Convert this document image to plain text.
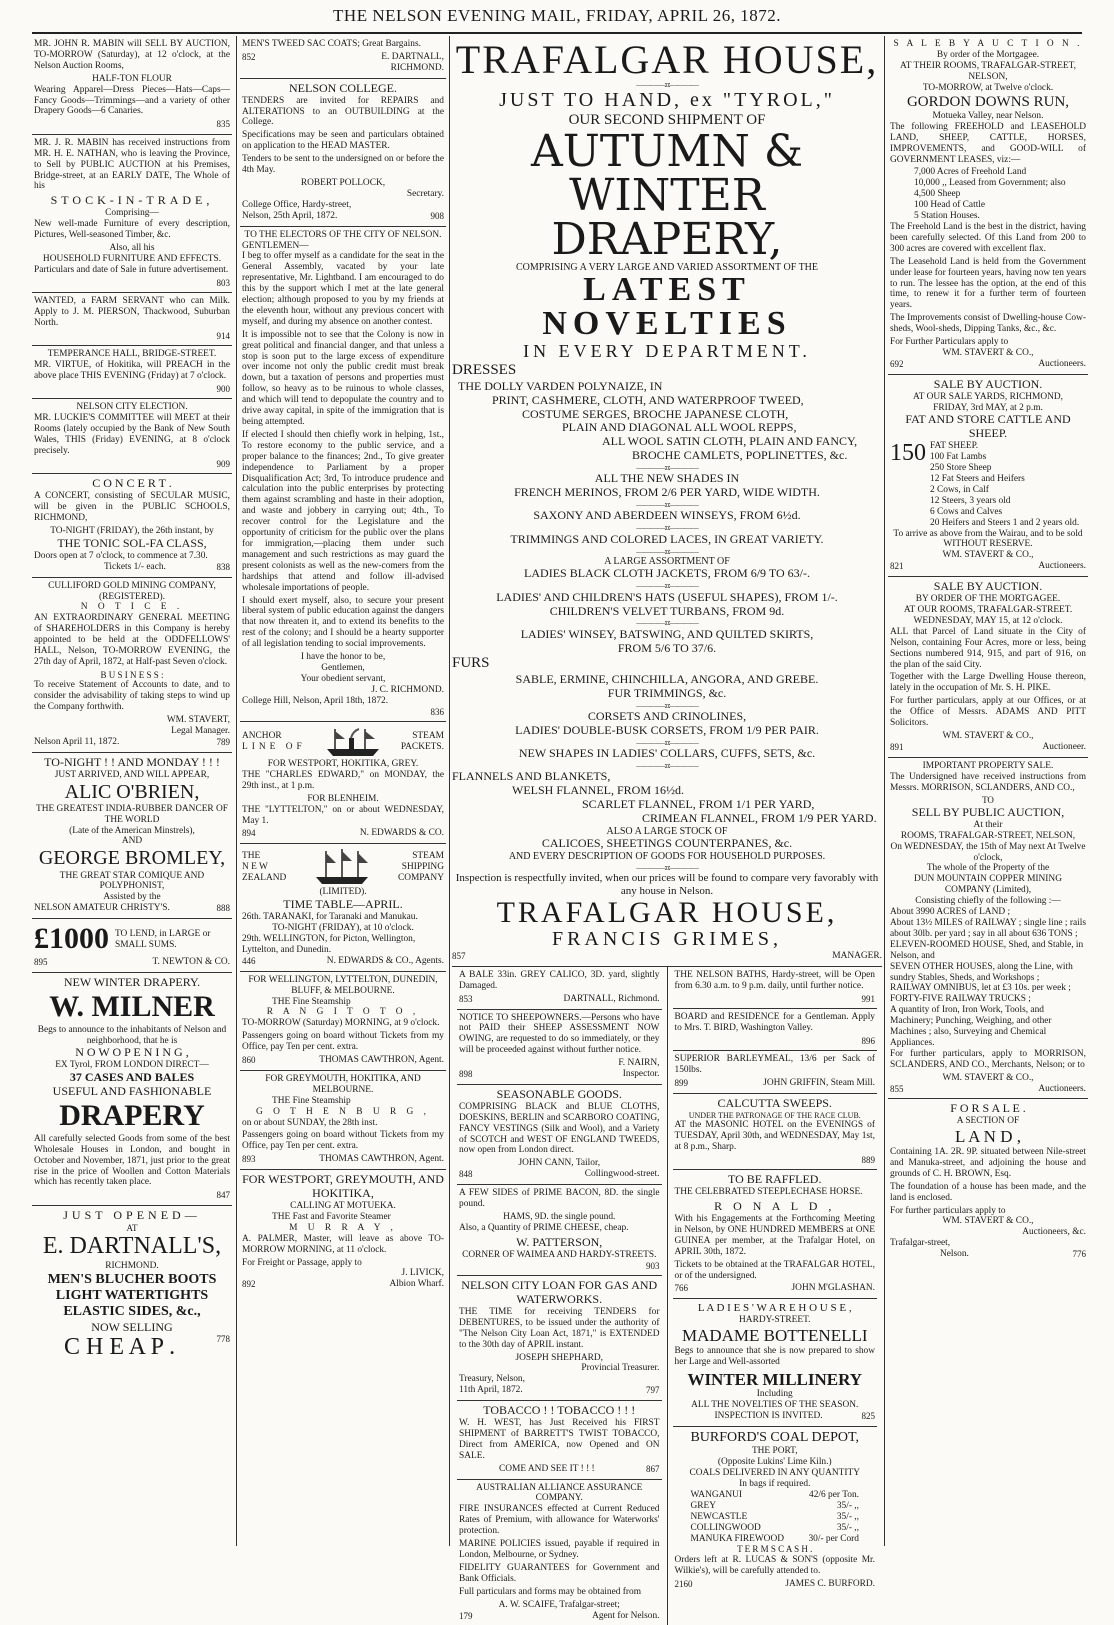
THE NELSON EVENING MAIL, FRIDAY, APRIL 26, 1872.

MR. JOHN R. MABIN will SELL BY AUCTION, TO-MORROW (Saturday), at 12 o'clock, at the Nelson Auction Rooms,

HALF-TON FLOUR

Wearing Apparel—Dress Pieces—Hats—Caps—Fancy Goods—Trimmings—and a variety of other Drapery Goods—6 Canaries.

835

MR. J. R. MABIN has received instructions from MR. H. E. NATHAN, who is leaving the Province, to Sell by PUBLIC AUCTION at his Premises, Bridge-street, at an EARLY DATE, The Whole of his

STOCK-IN-TRADE,
Comprising—

New well-made Furniture of every description, Pictures, Well-seasoned Timber, &c.

Also, all his
HOUSEHOLD FURNITURE AND EFFECTS.

Particulars and date of Sale in future advertisement.

803

WANTED, a FARM SERVANT who can Milk. Apply to J. M. PIERSON, Thackwood, Suburban North.

914
TEMPERANCE HALL, BRIDGE-STREET.

MR. VIRTUE, of Hokitika, will PREACH in the above place THIS EVENING (Friday) at 7 o'clock.

900
NELSON CITY ELECTION.

MR. LUCKIE'S COMMITTEE will MEET at their Rooms (lately occupied by the Bank of New South Wales, THIS (Friday) EVENING, at 8 o'clock precisely.

909
C O N C E R T .

A CONCERT, consisting of SECULAR MUSIC, will be given in the PUBLIC SCHOOLS, RICHMOND,

TO-NIGHT (FRIDAY), the 26th instant, by
THE TONIC SOL-FA CLASS,
Doors open at 7 o'clock, to commence at 7.30.
Tickets 1/- each.	838
CULLIFORD GOLD MINING COMPANY,
(REGISTERED).
N O T I C E .

AN EXTRAORDINARY GENERAL MEETING of SHAREHOLDERS in this Company is hereby appointed to be held at the ODDFELLOWS' HALL, Nelson, TO-MORROW EVENING, the 27th day of April, 1872, at Half-past Seven o'clock.

B U S I N E S S :

To receive Statement of Accounts to date, and to consider the advisability of taking steps to wind up the Company forthwith.

WM. STAVERT,
Legal Manager.
Nelson April 11, 1872.	789
TO-NIGHT ! ! AND MONDAY ! ! !
JUST ARRIVED, AND WILL APPEAR,
ALIC O'BRIEN,
THE GREATEST INDIA-RUBBER DANCER OF THE WORLD
(Late of the American Minstrels),
AND
GEORGE BROMLEY,
THE GREAT STAR COMIQUE AND POLYPHONIST,
Assisted by the
NELSON AMATEUR CHRISTY'S.	888
£1000 TO LEND, in LARGE or SMALL SUMS.
895	T. NEWTON & CO.
NEW WINTER DRAPERY.
W. MILNER
Begs to announce to the inhabitants of Nelson and neighborhood, that he is
N O W O P E N I N G ,
EX Tyrol, FROM LONDON DIRECT—
37 CASES AND BALES
USEFUL AND FASHIONABLE
DRAPERY

All carefully selected Goods from some of the best Wholesale Houses in London, and bought in October and November, 1871, just prior to the great rise in the price of Woollen and Cotton Materials which has recently taken place.

847
JUST OPENED—
AT
E. DARTNALL'S,
RICHMOND.
MEN'S BLUCHER BOOTS
LIGHT WATERTIGHTS
ELASTIC SIDES, &c.,
NOW SELLING
C H E A P .	778

MEN'S TWEED SAC COATS; Great Bargains.

852	E. DARTNALL,
RICHMOND.
NELSON COLLEGE.

TENDERS are invited for REPAIRS and ALTERATIONS to an OUTBUILDING at the College.

Specifications may be seen and particulars obtained on application to the HEAD MASTER.

Tenders to be sent to the undersigned on or before the 4th May.

ROBERT POLLOCK,
Secretary.
College Office, Hardy-street,
Nelson, 25th April, 1872.	908
TO THE ELECTORS OF THE CITY OF NELSON.
GENTLEMEN—

I beg to offer myself as a candidate for the seat in the General Assembly, vacated by your late representative, Mr. Lightband. I am encouraged to do this by the support which I met at the late general election; although proposed to you by my friends at the eleventh hour, without any previous concert with myself, and during my absence on another contest.

It is impossible not to see that the Colony is now in great political and financial danger, and that unless a stop is soon put to the large excess of expenditure over income not only the public credit must break down, but a taxation of persons and properties must follow, so heavy as to be ruinous to whole classes, and which will tend to depopulate the country and to drive away capital, in spite of the immigration that is being attempted.

If elected I should then chiefly work in helping, 1st., To restore economy to the public service, and a proper balance to the finances; 2nd., To give greater independence to Parliament by a proper Disqualification Act; 3rd, To introduce prudence and calculation into the public enterprises by protecting them against scrambling and haste in their adoption, and waste and jobbery in carrying out; 4th., To recover control for the Legislature and the opportunity of criticism for the public over the plans for immigration,—placing them under such management and such restrictions as may guard the present colonists as well as the new-comers from the hardships that attend and follow ill-advised wholesale importations of people.

I should exert myself, also, to secure your present liberal system of public education against the dangers that now threaten it, and to extend its benefits to the rest of the colony; and I should be a hearty supporter of all legislation tending to social improvements.

I have the honor to be,
Gentlemen,
Your obedient servant,
J. C. RICHMOND.
College Hill, Nelson, April 18th, 1872.
836
ANCHOR
LINE OF
STEAM
PACKETS.
FOR WESTPORT, HOKITIKA, GREY.

THE "CHARLES EDWARD," on MONDAY, the 29th inst., at 1 p.m.

FOR BLENHEIM.

THE "LYTTELTON," on or about WEDNESDAY, May 1.

894	N. EDWARDS & CO.
THE
N E W
ZEALAND
STEAM
SHIPPING
COMPANY
(LIMITED).
TIME TABLE—APRIL.
26th. TARANAKI, for Taranaki and Manukau.
TO-NIGHT (FRIDAY), at 10 o'clock.
29th. WELLINGTON, for Picton, Wellington, Lyttelton, and Dunedin.
446	N. EDWARDS & CO., Agents.
FOR WELLINGTON, LYTTELTON, DUNEDIN, BLUFF, & MELBOURNE.
THE Fine Steamship
R A N G I T O T O ,

TO-MORROW (Saturday) MORNING, at 9 o'clock.

Passengers going on board without Tickets from my Office, pay Ten per cent. extra.

860	THOMAS CAWTHRON, Agent.
FOR GREYMOUTH, HOKITIKA, AND MELBOURNE.
THE Fine Steamship
G O T H E N B U R G ,

on or about SUNDAY, the 28th inst.

Passengers going on board without Tickets from my Office, pay Ten per cent. extra.

893	THOMAS CAWTHRON, Agent.
FOR WESTPORT, GREYMOUTH, AND HOKITIKA,
CALLING AT MOTUEKA.
THE Fast and Favorite Steamer
M U R R A Y ,

A. PALMER, Master, will leave as above TO-MORROW MORNING, at 11 o'clock.

For Freight or Passage, apply to
J. LIVICK,
892	Albion Wharf.
TRAFALGAR HOUSE,
————:o:————
JUST TO HAND, ex "TYROL,"
OUR SECOND SHIPMENT OF
AUTUMN & WINTER DRAPERY,
COMPRISING A VERY LARGE AND VARIED ASSORTMENT OF THE
LATEST NOVELTIES
IN EVERY DEPARTMENT.
DRESSES
THE DOLLY VARDEN POLYNAIZE, IN
PRINT, CASHMERE, CLOTH, AND WATERPROOF TWEED,
COSTUME SERGES, BROCHE JAPANESE CLOTH,
PLAIN AND DIAGONAL ALL WOOL REPPS,
ALL WOOL SATIN CLOTH, PLAIN AND FANCY,
BROCHE CAMLETS, POPLINETTES, &c.
————:o:————
ALL THE NEW SHADES IN
FRENCH MERINOS, FROM 2/6 PER YARD, WIDE WIDTH.
————:o:————
SAXONY AND ABERDEEN WINSEYS, FROM 6½d.
————:o:————
TRIMMINGS AND COLORED LACES, IN GREAT VARIETY.
————:o:————
A LARGE ASSORTMENT OF
LADIES BLACK CLOTH JACKETS, FROM 6/9 TO 63/-.
————:o:————
LADIES' AND CHILDREN'S HATS (USEFUL SHAPES), FROM 1/-.
CHILDREN'S VELVET TURBANS, FROM 9d.
————:o:————
LADIES' WINSEY, BATSWING, AND QUILTED SKIRTS,
FROM 5/6 TO 37/6.
FURS
SABLE, ERMINE, CHINCHILLA, ANGORA, AND GREBE.
FUR TRIMMINGS, &c.
————:o:————
CORSETS AND CRINOLINES,
LADIES' DOUBLE-BUSK CORSETS, FROM 1/9 PER PAIR.
————:o:————
NEW SHAPES IN LADIES' COLLARS, CUFFS, SETS, &c.
————:o:————
FLANNELS AND BLANKETS,
WELSH FLANNEL, FROM 16½d.
SCARLET FLANNEL, FROM 1/1 PER YARD,
CRIMEAN FLANNEL, FROM 1/9 PER YARD.
ALSO A LARGE STOCK OF
CALICOES, SHEETINGS COUNTERPANES, &c.
AND EVERY DESCRIPTION OF GOODS FOR HOUSEHOLD PURPOSES.
————:o:————
Inspection is respectfully invited, when our prices will be found to compare very favorably with any house in Nelson.
TRAFALGAR HOUSE,
FRANCIS GRIMES,
857	MANAGER.

A BALE 33in. GREY CALICO, 3D. yard, slightly Damaged.

853	DARTNALL, Richmond.

NOTICE TO SHEEPOWNERS.—Persons who have not PAID their SHEEP ASSESSMENT NOW OWING, are requested to do so immediately, or they will be proceeded against without further notice.

F. NAIRN,
898	Inspector.
SEASONABLE GOODS.

COMPRISING BLACK and BLUE CLOTHS, DOESKINS, BERLIN and SCARBORO COATING, FANCY VESTINGS (Silk and Wool), and a Variety of SCOTCH and WEST OF ENGLAND TWEEDS, now open from London direct.

JOHN CANN, Tailor,
848	Collingwood-street.

A FEW SIDES of PRIME BACON, 8D. the single pound.

HAMS, 9D. the single pound.

Also, a Quantity of PRIME CHEESE, cheap.

W. PATTERSON,
CORNER OF WAIMEA AND HARDY-STREETS.
903
NELSON CITY LOAN FOR GAS AND WATERWORKS.

THE TIME for receiving TENDERS for DEBENTURES, to be issued under the authority of "The Nelson City Loan Act, 1871," is EXTENDED to the 30th day of APRIL instant.

JOSEPH SHEPHARD,
Provincial Treasurer.
Treasury, Nelson,
11th April, 1872.	797
TOBACCO ! ! TOBACCO ! ! !

W. H. WEST, has Just Received his FIRST SHIPMENT of BARRETT'S TWIST TOBACCO, Direct from AMERICA, now Opened and ON SALE.

COME AND SEE IT ! ! !	867
AUSTRALIAN ALLIANCE ASSURANCE COMPANY.

FIRE INSURANCES effected at Current Reduced Rates of Premium, with allowance for Waterworks' protection.

MARINE POLICIES issued, payable if required in London, Melbourne, or Sydney.

FIDELITY GUARANTEES for Government and Bank Officials.

Full particulars and forms may be obtained from

A. W. SCAIFE, Trafalgar-street;
179	Agent for Nelson.

THE NELSON BATHS, Hardy-street, will be Open from 6.30 a.m. to 9 p.m. daily, until further notice.

991

BOARD and RESIDENCE for a Gentleman. Apply to Mrs. T. BIRD, Washington Valley.

896

SUPERIOR BARLEYMEAL, 13/6 per Sack of 150lbs.

899	JOHN GRIFFIN, Steam Mill.
CALCUTTA SWEEPS.
UNDER THE PATRONAGE OF THE RACE CLUB.

AT the MASONIC HOTEL on the EVENINGS of TUESDAY, April 30th, and WEDNESDAY, May 1st, at 8 p.m., Sharp.

889
TO BE RAFFLED.

THE CELEBRATED STEEPLECHASE HORSE.

R O N A L D ,

With his Engagements at the Forthcoming Meeting in Nelson, by ONE HUNDRED MEMBERS at ONE GUINEA per member, at the Trafalgar Hotel, on APRIL 30th, 1872.

Tickets to be obtained at the TRAFALGAR HOTEL, or of the undersigned.

766	JOHN M'GLASHAN.
L A D I E S ' W A R E H O U S E ,
HARDY-STREET.
MADAME BOTTENELLI

Begs to announce that she is now prepared to show her Large and Well-assorted

WINTER MILLINERY
Including
ALL THE NOVELTIES OF THE SEASON.
INSPECTION IS INVITED.	825
BURFORD'S COAL DEPOT,
THE PORT,
(Opposite Lukins' Lime Kiln.)
COALS DELIVERED IN ANY QUANTITY
In bags if required.
WANGANUI	42/6 per Ton.
GREY	35/- ,,
NEWCASTLE	35/- ,,
COLLINGWOOD	35/- ,,
MANUKA FIREWOOD	30/- per Cord
T E R M S C A S H .

Orders left at R. LUCAS & SON'S (opposite Mr. Wilkie's), will be carefully attended to.

2160	JAMES C. BURFORD.
S A L E B Y A U C T I O N .
By order of the Mortgagee.
AT THEIR ROOMS, TRAFALGAR-STREET, NELSON,
TO-MORROW, at Twelve o'clock.
GORDON DOWNS RUN,
Motueka Valley, near Nelson.

The following FREEHOLD and LEASEHOLD LAND, SHEEP, CATTLE, HORSES, IMPROVEMENTS, and GOOD-WILL of GOVERNMENT LEASES, viz:—

7,000 Acres of Freehold Land
10,000 ,, Leased from Government; also
4,500 Sheep
100 Head of Cattle
5 Station Houses.

The Freehold Land is the best in the district, having been carefully selected. Of this Land from 200 to 300 acres are covered with excellent flax.

The Leasehold Land is held from the Government under lease for fourteen years, having now ten years to run. The lessee has the option, at the end of this time, to renew it for a further term of fourteen years.

The Improvements consist of Dwelling-house Cow-sheds, Wool-sheds, Dipping Tanks, &c., &c.

For Further Particulars apply to
WM. STAVERT & CO.,
692	Auctioneers.
SALE BY AUCTION.
AT OUR SALE YARDS, RICHMOND,
FRIDAY, 3rd MAY, at 2 p.m.
FAT AND STORE CATTLE AND SHEEP.
150 FAT SHEEP.
100 Fat Lambs
250 Store Sheep
12 Fat Steers and Heifers
2 Cows, in Calf
12 Steers, 3 years old
6 Cows and Calves
20 Heifers and Steers 1 and 2 years old.
To arrive as above from the Wairau, and to be sold
WITHOUT RESERVE.
WM. STAVERT & CO.,
821	Auctioneers.
SALE BY AUCTION.
BY ORDER OF THE MORTGAGEE.
AT OUR ROOMS, TRAFALGAR-STREET.
WEDNESDAY, MAY 15, at 12 o'clock.

ALL that Parcel of Land situate in the City of Nelson, containing Four Acres, more or less, being Sections numbered 914, 915, and part of 916, on the plan of the said City.

Together with the Large Dwelling House thereon, lately in the occupation of Mr. S. H. PIKE.

For further particulars, apply at our Offices, or at the Office of Messrs. ADAMS AND PITT Solicitors.

WM. STAVERT & CO.,
891	Auctioneer.
IMPORTANT PROPERTY SALE.

The Undersigned have received instructions from Messrs. MORRISON, SCLANDERS, AND CO.,

TO
SELL BY PUBLIC AUCTION,
At their
ROOMS, TRAFALGAR-STREET, NELSON,
On WEDNESDAY, the 15th of May next At Twelve o'clock,
The whole of the Property of the
DUN MOUNTAIN COPPER MINING COMPANY (Limited),
Consisting chiefly of the following :—
About 3990 ACRES of LAND ;
About 13½ MILES of RAILWAY ; single line ; rails about 30lb. per yard ; say in all about 636 TONS ;
ELEVEN-ROOMED HOUSE, Shed, and Stable, in Nelson, and
SEVEN OTHER HOUSES, along the Line, with sundry Stables, Sheds, and Workshops ;
RAILWAY OMNIBUS, let at £3 10s. per week ;
FORTY-FIVE RAILWAY TRUCKS ;
A quantity of Iron, Iron Work, Tools, and Machinery; Punching, Weighing, and other Machines ; also, Surveying and Chemical Appliances.

For further particulars, apply to MORRISON, SCLANDERS, AND CO., Merchants, Nelson; or to

WM. STAVERT & CO.,
855	Auctioneers.
F O R S A L E .
A SECTION OF
L A N D ,

Containing 1A. 2R. 9P. situated between Nile-street and Manuka-street, and adjoining the house and grounds of C. H. BROWN, Esq.

The foundation of a house has been made, and the land is enclosed.

For further particulars apply to
WM. STAVERT & CO.,
Auctioneers, &c.
Trafalgar-street,
Nelson.	776
